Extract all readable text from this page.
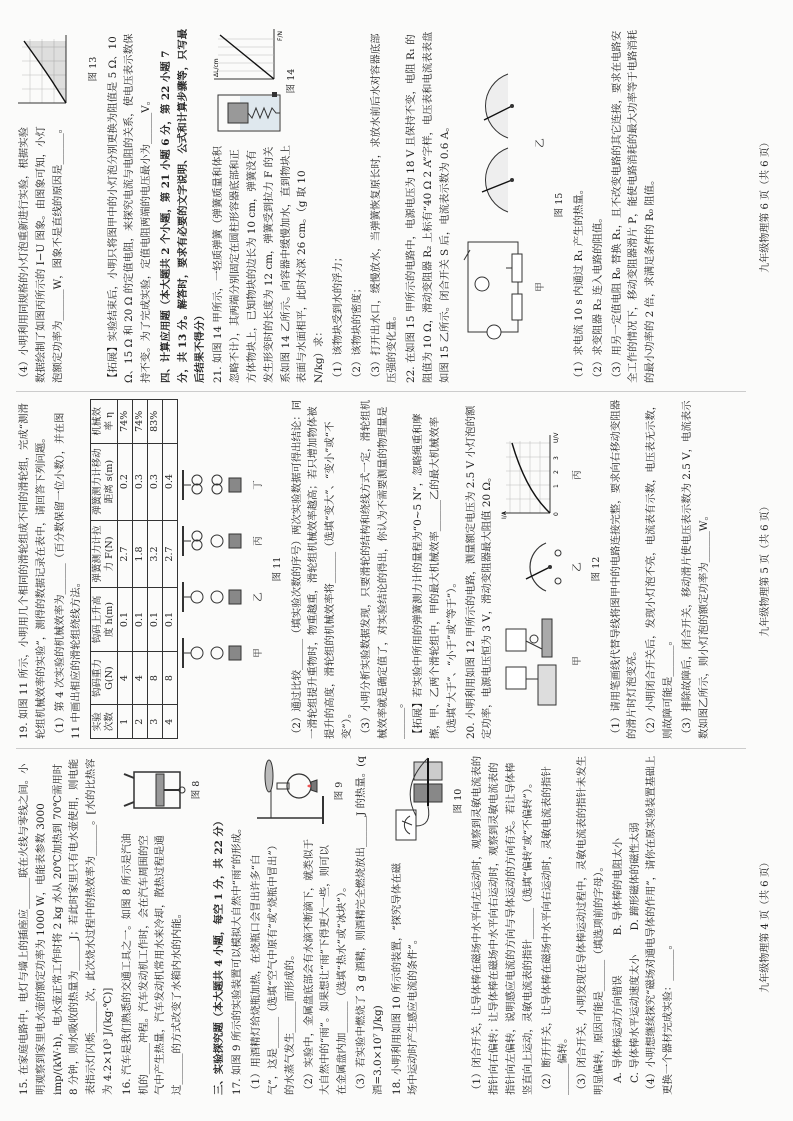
15. 在家庭电路中，电灯与墙上的插座应______联在火线与零线之间。小明观察到家里电水壶的额定功率为 1000 W，电能表参数 3000 imp/(kW·h)，电水壶正常工作时将 2 kg 水从 20℃加热到 70℃需用时 8 分钟，则水吸收的热量为______J；若此时家里只有电水壶使用，则电能表指示灯闪烁______次，此次烧水过程中的热效率为______。[水的比热容为 4.2×10³ J/(kg·℃)] 16. 汽车是我们熟悉的交通工具之一。如图 8 所示是汽油机的______冲程。汽车发动机工作时，会在汽车周围的空气中产生热量，汽车发动机常用水来冷却，散热过程是通过______的方式改变了水箱内水的内能。

图 8

三、实验探究题（本大题共 4 小题，每空 1 分，共 22 分） 17. 如图 9 所示的实验装置可以模拟大自然中“雨”的形成。 （1）用酒精灯给烧瓶加热，在烧瓶口会冒出许多“白气”，这是______（选填“空气中原有”或“烧瓶中冒出”）的水蒸气发生______而形成的。 （2）实验中，金属盘底部会有水滴不断滴下，就类似于大自然中的“雨”。如果想让“雨”下得更大一些，则可以在金属盘内加______（选填“热水”或“冰块”）。

图 9 （3）若实验中燃烧了 3 g 酒精，则酒精完全燃烧放出______J 的热量。(q酒=3.0×10⁷ J/kg) 18. 小明利用如图 10 所示的装置，“探究导体在磁场中运动时产生感应电流的条件”。

图 10 （1）闭合开关，让导体棒在磁场中水平向左运动时，观察到灵敏电流表的指针向右偏转；让导体棒在磁场中水平向右运动时，观察到灵敏电流表的指针向左偏转，说明感应电流的方向与导体运动的方向有关。若让导体棒竖直向上运动，灵敏电流表的指针______（选填“偏转”或“不偏转”）。 （2）断开开关，让导体棒在磁场中水平向右运动时，灵敏电流表的指针______偏转。 （3）闭合开关，小明发现在导体棒运动过程中，灵敏电流表的指针未发生明显偏转，原因可能是______（填选项前的字母）。 A. 导体棒运动方向错误
B. 导体棒的电阻太小
C. 导体棒水平运动速度太小
D. 蹄形磁体的磁性太弱 （4）小明想继续探究“磁场对通电导体的作用”，请你在原实验装置基础上更换一个器材完成实验：______。

九年级物理第 4 页（共 6 页）

19. 如图 11 所示，小明用几个相同的滑轮组成不同的滑轮组，完成“测滑轮组机械效率的实验”，测得的数据记录在表中，请回答下列问题。 （1）第 4 次实验的机械效率为______（百分数保留一位小数），并在图 11 中画出相应的滑轮组绕线方法。 实验次数	钩码重力 G(N)	钩码上升高度 h(m)	弹簧测力计拉力 F(N)	弹簧测力计移动距离 s(m)	机械效率 η
1	4	0.1	2.7	0.2	74%
2	4	0.1	1.8	0.3	74%
3	8	0.1	3.2	0.3	83%
4	8	0.1	2.7	0.4	

甲

乙

丙

丁

图 11 （2）通过比较______（填实验次数的序号）两次实验数据可得出结论：同一滑轮组提升重物时，物重越重，滑轮组机械效率越高；若只增加物体被提升的高度，滑轮组的机械效率将______（选填“变大”、“变小”或“不变”）。 （3）小明分析实验数据发现，只要滑轮的结构和绕线方式一定，滑轮组机械效率就是确定值了，对实验结论的得出，你认为不需要测量的物理量是______。 【拓展】若实验中所用的弹簧测力计的量程为“0~5 N”，忽略绳重和摩擦，甲、乙两个滑轮组中，甲的最大机械效率______乙的最大机械效率（选填“大于”、“小于”或“等于”）。 20. 小明利用如图 12 甲所示的电路，测量额定电压为 2.5 V 小灯泡的额定功率，电源电压恒为 3 V，滑动变阻器最大阻值 20 Ω。	甲

乙

I/A
U/V
0
1
2
3

丙

图 12 （1）请用笔画线代替导线将图甲中的电路连接完整，要求向右移动变阻器的滑片时灯泡变亮。 （2）小明闭合开关后，发现小灯泡不亮，电流表有示数，电压表无示数，则故障可能是______。 （3）排除故障后，闭合开关，移动滑片使电压表示数为 2.5 V，电流表示数如图乙所示，则小灯泡的额定功率为______W。	九年级物理第 5 页（共 6 页）

（4）小明利用同规格的小灯泡重新进行实验，根据实验数据绘制了如图丙所示的 I−U 图象。由图象可知，小灯泡额定功率为______W，图象不是直线的原因是______。

图 13 【拓展】实验结束后，小明只将图甲中的小灯泡分别更换为阻值是 5 Ω、10 Ω、15 Ω 和 20 Ω 的定值电阻，来探究电流与电阻的关系，使电压表示数保持不变。为了完成实验，定值电阻两端的电压最小为______V。 四、计算应用题（本大题共 2 个小题，第 21 小题 6 分，第 22 小题 7 分，共 13 分。解答时，要求有必要的文字说明、公式和计算步骤等，只写最后结果不得分） 21. 如图 14 甲所示，一轻质弹簧（弹簧质量和体积忽略不计），其两端分别固定在圆柱形容器底部和正方体物块上，已知物块的边长为 10 cm，弹簧没有发生形变时的长度为 12 cm，弹簧受到拉力 F 的关系如图 14 乙所示。向容器中缓慢加水，直到物块上表面与水面相平，此时水深 26 cm。（g 取 10 N/kg）求： （1）该物块受到水的浮力； （2）该物块的密度；

ΔL/cm
F/N

图 14	（3）打开出水口，缓慢放水，当弹簧恢复原长时，求放水前后水对容器底部压强的变化量。 22. 在如图 15 甲所示的电路中，电源电压为 18 V 且保持不变，电阻 R₁ 的阻值为 10 Ω，滑动变阻器 R₂ 上标有“40 Ω 2 A”字样，电压表和电流表表盘如图 15 乙所示。闭合开关 S 后，电流表示数为 0.6 A。	甲

乙

图 15 （1）求电流 10 s 内通过 R₁ 产生的热量。 （2）求变阻器 R₂ 连入电路的阻值。 （3）用另一定值电阻 R₀ 替换 R₁，且不改变电路的其它连接，要求在电路安全工作的情况下，移动变阻器滑片 P，能使电路消耗的最大功率等于电路消耗的最小功率的 2 倍，求满足条件的 R₀ 阻值。	九年级物理第 6 页（共 6 页）
